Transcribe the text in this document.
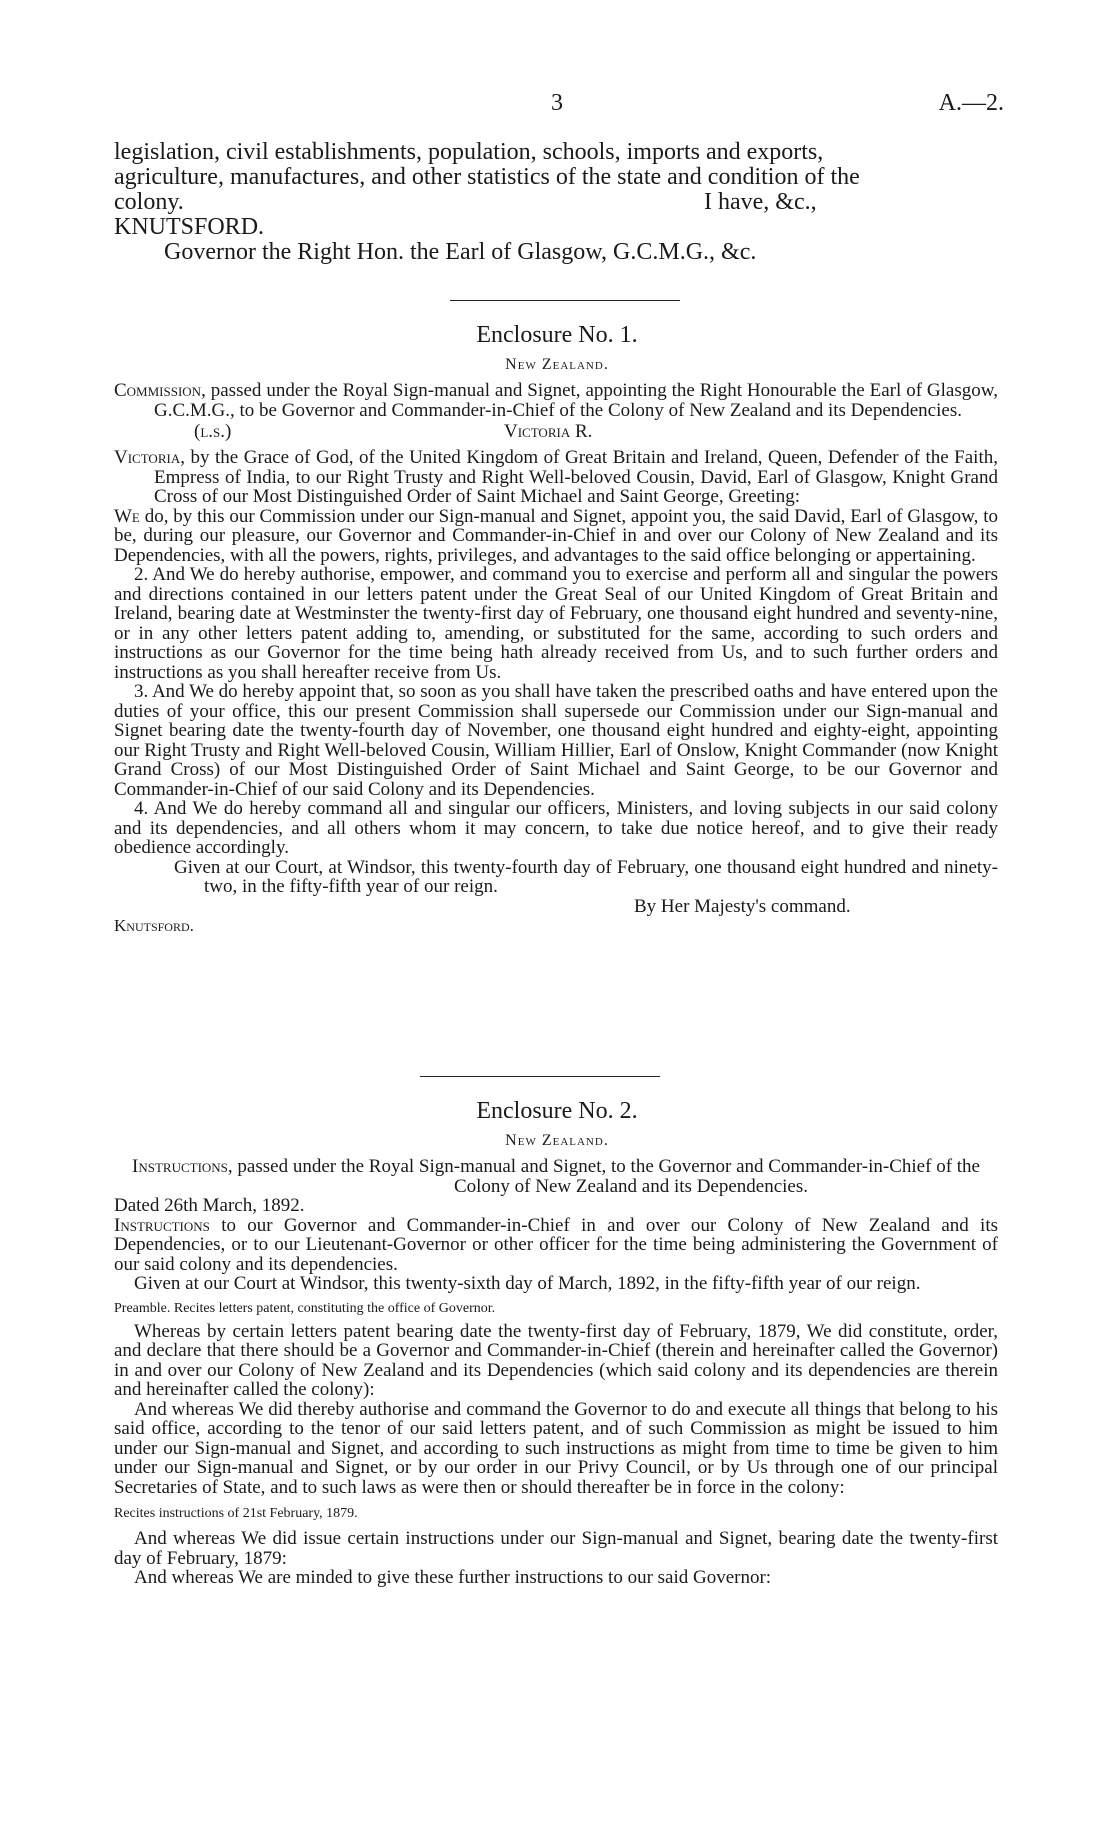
3	A.—2.

legislation, civil establishments, population, schools, imports and exports,

agriculture, manufactures, and other statistics of the state and condition of the

colony.	I have, &c.,

KNUTSFORD.

Governor the Right Hon. the Earl of Glasgow, G.C.M.G., &c.

Enclosure No. 1.
New Zealand.

Commission, passed under the Royal Sign-manual and Signet, appointing the Right Honourable the Earl of Glasgow, G.C.M.G., to be Governor and Commander-in-Chief of the Colony of New Zealand and its Dependencies.

(l.s.)	Victoria R.

Victoria, by the Grace of God, of the United Kingdom of Great Britain and Ireland, Queen, Defender of the Faith, Empress of India, to our Right Trusty and Right Well-beloved Cousin, David, Earl of Glasgow, Knight Grand Cross of our Most Distinguished Order of Saint Michael and Saint George, Greeting:

We do, by this our Commission under our Sign-manual and Signet, appoint you, the said David, Earl of Glasgow, to be, during our pleasure, our Governor and Commander-in-Chief in and over our Colony of New Zealand and its Dependencies, with all the powers, rights, privileges, and advantages to the said office belonging or appertaining.

2. And We do hereby authorise, empower, and command you to exercise and perform all and singular the powers and directions contained in our letters patent under the Great Seal of our United Kingdom of Great Britain and Ireland, bearing date at Westminster the twenty-first day of February, one thousand eight hundred and seventy-nine, or in any other letters patent adding to, amending, or substituted for the same, according to such orders and instructions as our Governor for the time being hath already received from Us, and to such further orders and instructions as you shall hereafter receive from Us.

3. And We do hereby appoint that, so soon as you shall have taken the prescribed oaths and have entered upon the duties of your office, this our present Commission shall supersede our Commission under our Sign-manual and Signet bearing date the twenty-fourth day of November, one thousand eight hundred and eighty-eight, appointing our Right Trusty and Right Well-beloved Cousin, William Hillier, Earl of Onslow, Knight Commander (now Knight Grand Cross) of our Most Distinguished Order of Saint Michael and Saint George, to be our Governor and Commander-in-Chief of our said Colony and its Dependencies.

4. And We do hereby command all and singular our officers, Ministers, and loving subjects in our said colony and its dependencies, and all others whom it may concern, to take due notice hereof, and to give their ready obedience accordingly.

Given at our Court, at Windsor, this twenty-fourth day of February, one thousand eight hundred and ninety-two, in the fifty-fifth year of our reign.

By Her Majesty's command.

Knutsford.

Enclosure No. 2.
New Zealand.

Instructions, passed under the Royal Sign-manual and Signet, to the Governor and Commander-in-Chief of the Colony of New Zealand and its Dependencies.

Dated 26th March, 1892.

Instructions to our Governor and Commander-in-Chief in and over our Colony of New Zealand and its Dependencies, or to our Lieutenant-Governor or other officer for the time being administering the Government of our said colony and its dependencies.

Given at our Court at Windsor, this twenty-sixth day of March, 1892, in the fifty-fifth year of our reign.

Preamble. Recites letters patent, constituting the office of Governor.

Whereas by certain letters patent bearing date the twenty-first day of February, 1879, We did constitute, order, and declare that there should be a Governor and Commander-in-Chief (therein and hereinafter called the Governor) in and over our Colony of New Zealand and its Dependencies (which said colony and its dependencies are therein and hereinafter called the colony):

And whereas We did thereby authorise and command the Governor to do and execute all things that belong to his said office, according to the tenor of our said letters patent, and of such Commission as might be issued to him under our Sign-manual and Signet, and according to such instructions as might from time to time be given to him under our Sign-manual and Signet, or by our order in our Privy Council, or by Us through one of our principal Secretaries of State, and to such laws as were then or should thereafter be in force in the colony:

Recites instructions of 21st February, 1879.

And whereas We did issue certain instructions under our Sign-manual and Signet, bearing date the twenty-first day of February, 1879:

And whereas We are minded to give these further instructions to our said Governor:
